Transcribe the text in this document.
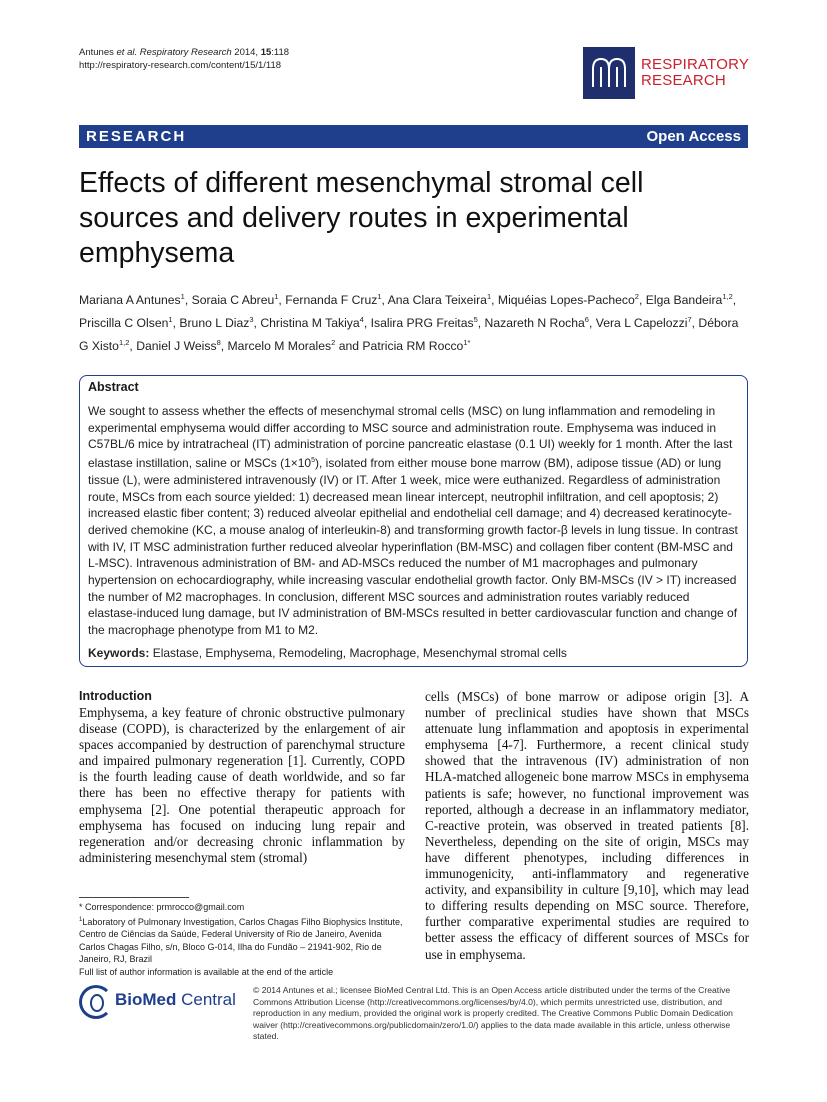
Antunes et al. Respiratory Research 2014, 15:118
http://respiratory-research.com/content/15/1/118	RESPIRATORY
RESEARCH
RESEARCH	Open Access
Effects of different mesenchymal stromal cell sources and delivery routes in experimental emphysema
Mariana A Antunes$^1$, Soraia C Abreu$^1$, Fernanda F Cruz$^1$, Ana Clara Teixeira$^1$, Miquéias Lopes-Pacheco$^2$, Elga Bandeira$^{1,2}$, Priscilla C Olsen$^1$, Bruno L Diaz$^3$, Christina M Takiya$^4$, Isalira PRG Freitas$^5$, Nazareth N Rocha$^6$, Vera L Capelozzi$^7$, Débora G Xisto$^{1,2}$, Daniel J Weiss$^8$, Marcelo M Morales$^2$ and Patricia RM Rocco$^{1*}$
Abstract
We sought to assess whether the effects of mesenchymal stromal cells (MSC) on lung inflammation and remodeling in experimental emphysema would differ according to MSC source and administration route. Emphysema was induced in C57BL/6 mice by intratracheal (IT) administration of porcine pancreatic elastase (0.1 UI) weekly for 1 month. After the last elastase instillation, saline or MSCs $(1\times 10^5)$, isolated from either mouse bone marrow (BM), adipose tissue (AD) or lung tissue (L), were administered intravenously (IV) or IT. After 1 week, mice were euthanized. Regardless of administration route, MSCs from each source yielded: 1) decreased mean linear intercept, neutrophil infiltration, and cell apoptosis; 2) increased elastic fiber content; 3) reduced alveolar epithelial and endothelial cell damage; and 4) decreased keratinocyte-derived chemokine (KC, a mouse analog of interleukin-8) and transforming growth factor-β levels in lung tissue. In contrast with IV, IT MSC administration further reduced alveolar hyperinflation (BM-MSC) and collagen fiber content (BM-MSC and L-MSC). Intravenous administration of BM- and AD-MSCs reduced the number of M1 macrophages and pulmonary hypertension on echocardiography, while increasing vascular endothelial growth factor. Only BM-MSCs (IV > IT) increased the number of M2 macrophages. In conclusion, different MSC sources and administration routes variably reduced elastase-induced lung damage, but IV administration of BM-MSCs resulted in better cardiovascular function and change of the macrophage phenotype from M1 to M2.
Keywords: Elastase, Emphysema, Remodeling, Macrophage, Mesenchymal stromal cells
Introduction
Emphysema, a key feature of chronic obstructive pulmonary disease (COPD), is characterized by the enlargement of air spaces accompanied by destruction of parenchymal structure and impaired pulmonary regeneration [1]. Currently, COPD is the fourth leading cause of death worldwide, and so far there has been no effective therapy for patients with emphysema [2]. One potential therapeutic approach for emphysema has focused on inducing lung repair and regeneration and/or decreasing chronic inflammation by administering mesenchymal stem (stromal)
cells (MSCs) of bone marrow or adipose origin [3]. A number of preclinical studies have shown that MSCs attenuate lung inflammation and apoptosis in experimental emphysema [4-7]. Furthermore, a recent clinical study showed that the intravenous (IV) administration of non HLA-matched allogeneic bone marrow MSCs in emphysema patients is safe; however, no functional improvement was reported, although a decrease in an inflammatory mediator, C-reactive protein, was observed in treated patients [8]. Nevertheless, depending on the site of origin, MSCs may have different phenotypes, including differences in immunogenicity, anti-inflammatory and regenerative activity, and expansibility in culture [9,10], which may lead to differing results depending on MSC source. Therefore, further comparative experimental studies are required to better assess the efficacy of different sources of MSCs for use in emphysema.
* Correspondence: prmrocco@gmail.com
$^1$Laboratory of Pulmonary Investigation, Carlos Chagas Filho Biophysics Institute, Centro de Ciências da Saúde, Federal University of Rio de Janeiro, Avenida Carlos Chagas Filho, s/n, Bloco G-014, Ilha do Fundão – 21941-902, Rio de Janeiro, RJ, Brazil
Full list of author information is available at the end of the article
BioMed Central © 2014 Antunes et al.; licensee BioMed Central Ltd. This is an Open Access article distributed under the terms of the Creative Commons Attribution License (http://creativecommons.org/licenses/by/4.0), which permits unrestricted use, distribution, and reproduction in any medium, provided the original work is properly credited. The Creative Commons Public Domain Dedication waiver (http://creativecommons.org/publicdomain/zero/1.0/) applies to the data made available in this article, unless otherwise stated.
